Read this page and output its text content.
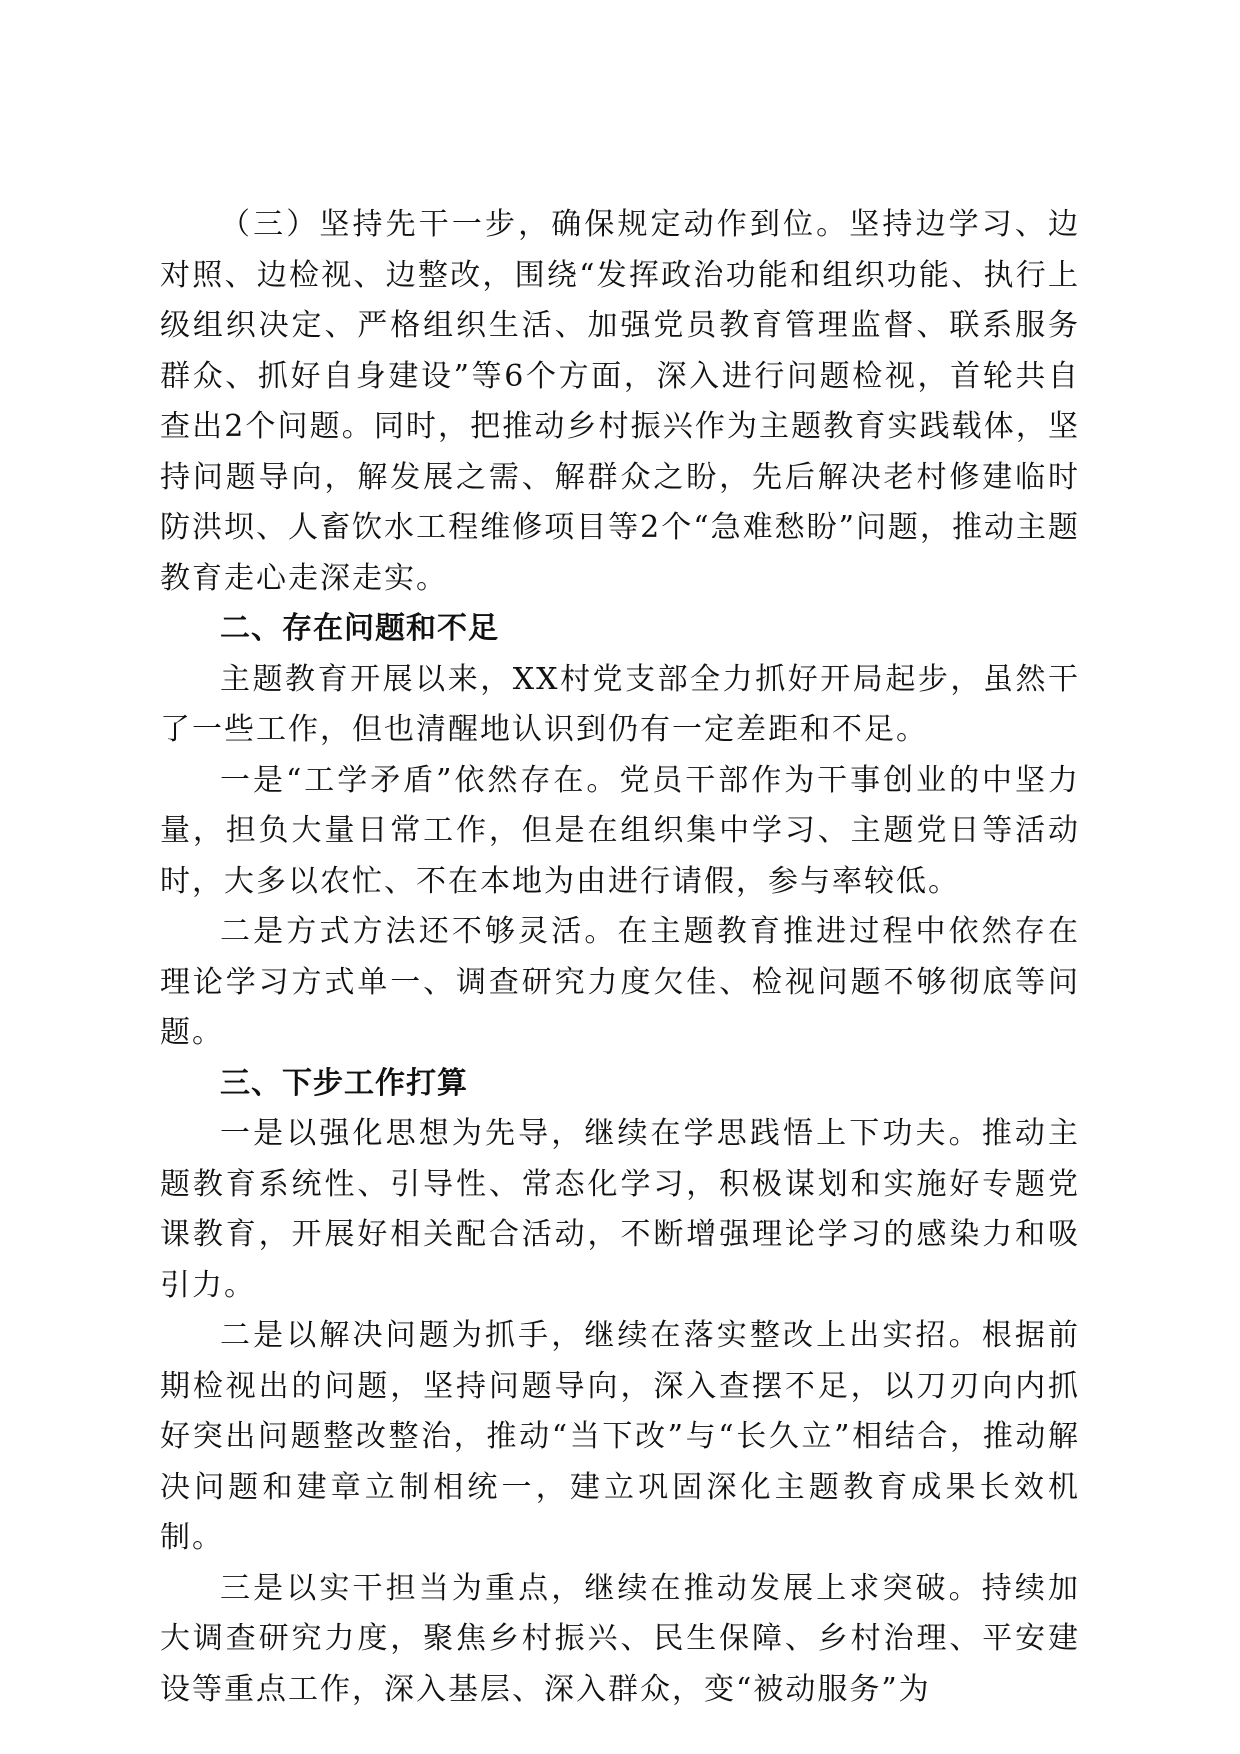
（三）坚持先干一步，确保规定动作到位。坚持边学习、边对照、边检视、边整改，围绕“发挥政治功能和组织功能、执行上级组织决定、严格组织生活、加强党员教育管理监督、联系服务群众、抓好自身建设”等6个方面，深入进行问题检视，首轮共自查出2个问题。同时，把推动乡村振兴作为主题教育实践载体，坚持问题导向，解发展之需、解群众之盼，先后解决老村修建临时防洪坝、人畜饮水工程维修项目等2个“急难愁盼”问题，推动主题教育走心走深走实。

二、存在问题和不足

主题教育开展以来，XX村党支部全力抓好开局起步，虽然干了一些工作，但也清醒地认识到仍有一定差距和不足。

一是“工学矛盾”依然存在。党员干部作为干事创业的中坚力量，担负大量日常工作，但是在组织集中学习、主题党日等活动时，大多以农忙、不在本地为由进行请假，参与率较低。

二是方式方法还不够灵活。在主题教育推进过程中依然存在理论学习方式单一、调查研究力度欠佳、检视问题不够彻底等问题。

三、下步工作打算

一是以强化思想为先导，继续在学思践悟上下功夫。推动主题教育系统性、引导性、常态化学习，积极谋划和实施好专题党课教育，开展好相关配合活动，不断增强理论学习的感染力和吸引力。

二是以解决问题为抓手，继续在落实整改上出实招。根据前期检视出的问题，坚持问题导向，深入查摆不足，以刀刃向内抓好突出问题整改整治，推动“当下改”与“长久立”相结合，推动解决问题和建章立制相统一，建立巩固深化主题教育成果长效机制。

三是以实干担当为重点，继续在推动发展上求突破。持续加大调查研究力度，聚焦乡村振兴、民生保障、乡村治理、平安建设等重点工作，深入基层、深入群众，变“被动服务”为
